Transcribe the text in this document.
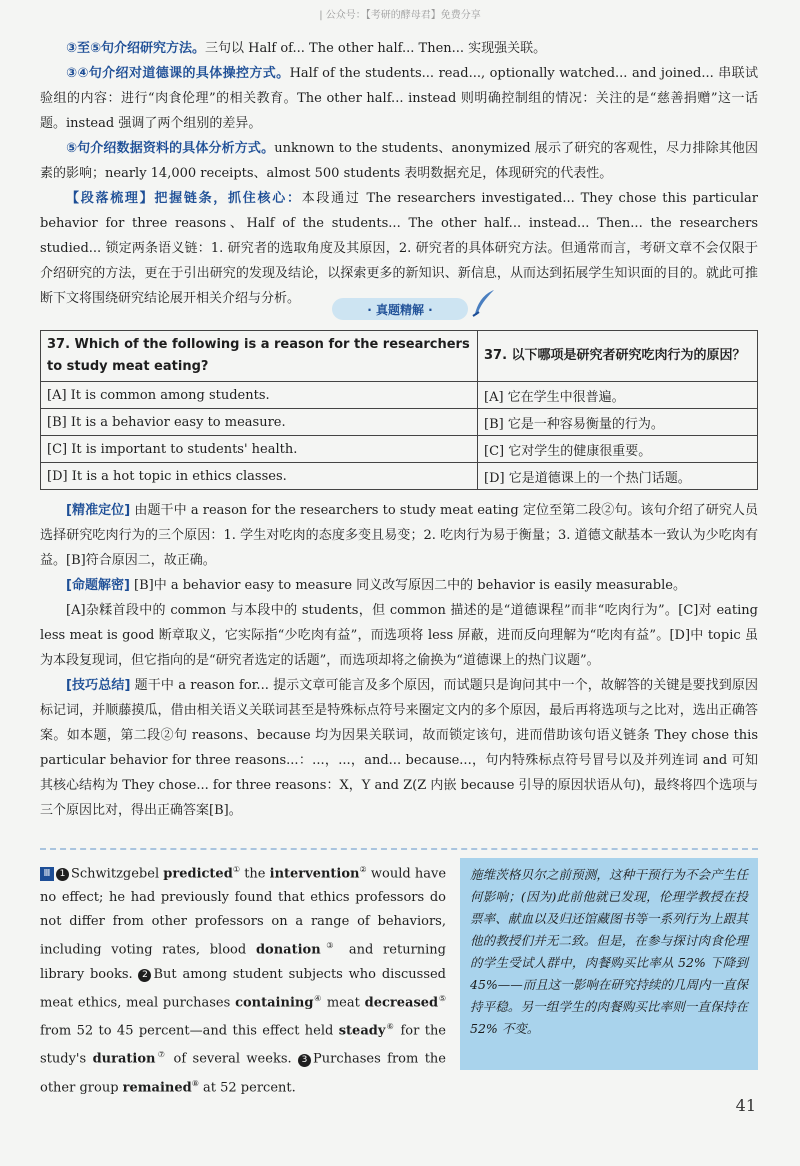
| 公众号：【考研的酵母君】免费分享

③至⑤句介绍研究方法。三句以 Half of... The other half... Then... 实现强关联。

③④句介绍对道德课的具体操控方式。Half of the students... read..., optionally watched... and joined... 串联试验组的内容：进行“肉食伦理”的相关教育。The other half... instead 则明确控制组的情况：关注的是“慈善捐赠”这一话题。instead 强调了两个组别的差异。

⑤句介绍数据资料的具体分析方式。unknown to the students、anonymized 展示了研究的客观性，尽力排除其他因素的影响；nearly 14,000 receipts、almost 500 students 表明数据充足，体现研究的代表性。

【段落梳理】把握链条，抓住核心：本段通过 The researchers investigated... They chose this particular behavior for three reasons、Half of the students... The other half... instead... Then... the researchers studied... 锁定两条语义链：1. 研究者的选取角度及其原因，2. 研究者的具体研究方法。但通常而言，考研文章不会仅限于介绍研究的方法，更在于引出研究的发现及结论，以探索更多的新知识、新信息，从而达到拓展学生知识面的目的。就此可推断下文将围绕研究结论展开相关介绍与分析。

· 真题精解 ·
37. Which of the following is a reason for the researchers to study meat eating?	37. 以下哪项是研究者研究吃肉行为的原因？
[A] It is common among students.	[A] 它在学生中很普遍。
[B] It is a behavior easy to measure.	[B] 它是一种容易衡量的行为。
[C] It is important to students' health.	[C] 它对学生的健康很重要。
[D] It is a hot topic in ethics classes.	[D] 它是道德课上的一个热门话题。

[精准定位] 由题干中 a reason for the researchers to study meat eating 定位至第二段②句。该句介绍了研究人员选择研究吃肉行为的三个原因：1. 学生对吃肉的态度多变且易变；2. 吃肉行为易于衡量；3. 道德文献基本一致认为少吃肉有益。[B]符合原因二，故正确。

[命题解密] [B]中 a behavior easy to measure 同义改写原因二中的 behavior is easily measurable。

[A]杂糅首段中的 common 与本段中的 students，但 common 描述的是“道德课程”而非“吃肉行为”。[C]对 eating less meat is good 断章取义，它实际指“少吃肉有益”，而选项将 less 屏蔽，进而反向理解为“吃肉有益”。[D]中 topic 虽为本段复现词，但它指向的是“研究者选定的话题”，而选项却将之偷换为“道德课上的热门议题”。

[技巧总结] 题干中 a reason for... 提示文章可能言及多个原因，而试题只是询问其中一个，故解答的关键是要找到原因标记词，并顺藤摸瓜，借由相关语义关联词甚至是特殊标点符号来圈定文内的多个原因，最后再将选项与之比对，选出正确答案。如本题，第二段②句 reasons、because 均为因果关联词，故而锁定该句，进而借助该句语义链条 They chose this particular behavior for three reasons...：...，...，and... because...，句内特殊标点符号冒号以及并列连词 and 可知其核心结构为 They chose... for three reasons：X，Y and Z(Z 内嵌 because 引导的原因状语从句)，最终将四个选项与三个原因比对，得出正确答案[B]。

Ⅲ 1 Schwitzgebel predicted① the intervention② would have no effect; he had previously found that ethics professors do not differ from other professors on a range of behaviors, including voting rates, blood donation③ and returning library books. 2 But among student subjects who discussed meat ethics, meal purchases containing④ meat decreased⑤ from 52 to 45 percent—and this effect held steady⑥ for the study's duration⑦ of several weeks. 3 Purchases from the other group remained⑧ at 52 percent.

施维茨格贝尔之前预测，这种干预行为不会产生任何影响；(因为)此前他就已发现，伦理学教授在投票率、献血以及归还馆藏图书等一系列行为上跟其他的教授们并无二致。但是，在参与探讨肉食伦理的学生受试人群中，肉餐购买比率从 52% 下降到 45%——而且这一影响在研究持续的几周内一直保持平稳。另一组学生的肉餐购买比率则一直保持在 52% 不变。

41
